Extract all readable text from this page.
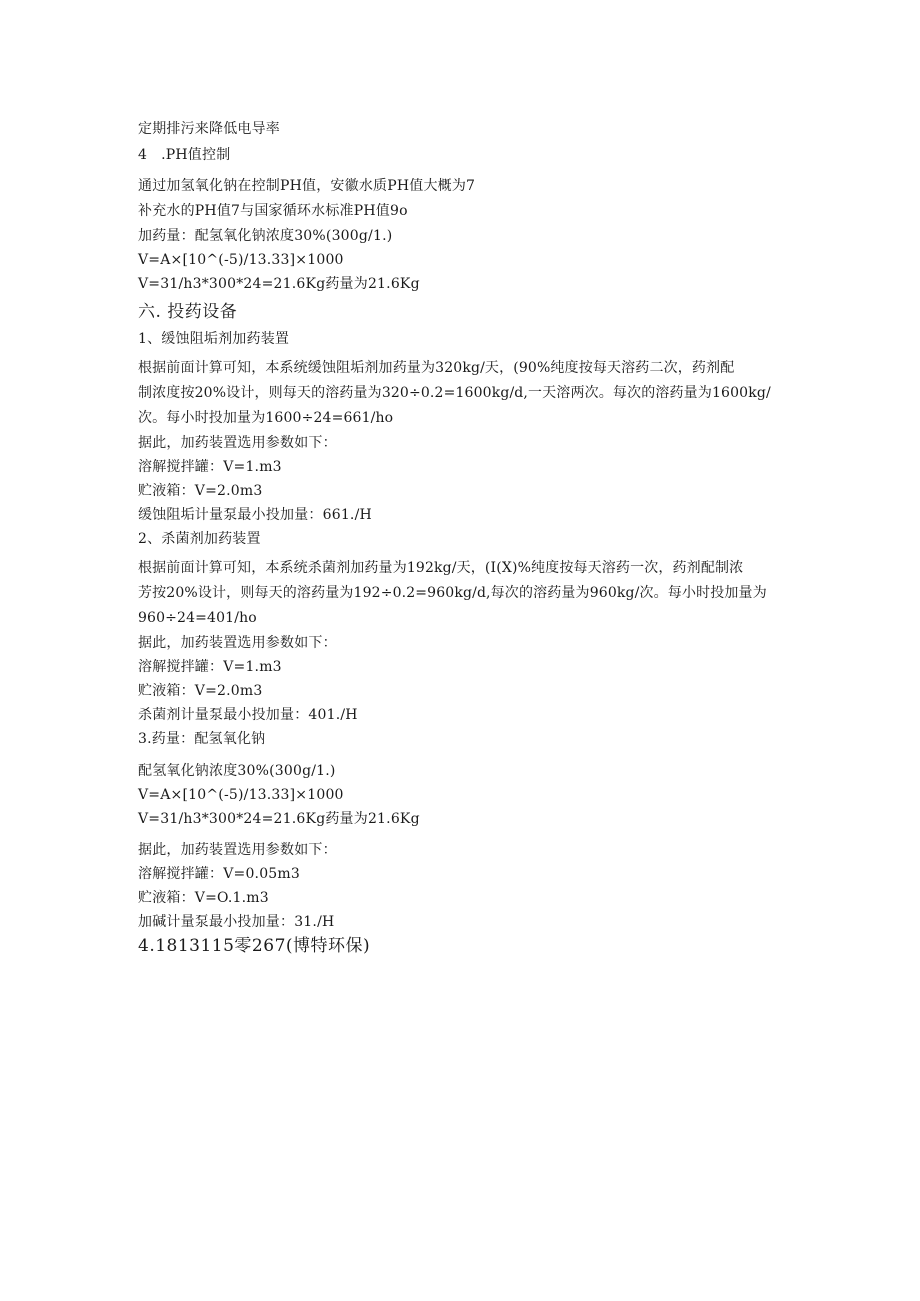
定期排污来降低电导率
4 .PH值控制
通过加氢氧化钠在控制PH值，安徽水质PH值大概为7
补充水的PH值7与国家循环水标准PH值9o
加药量：配氢氧化钠浓度30%(300g/1.)
V=A×[10^(-5)/13.33]×1000
V=31/h3*300*24=21.6Kg药量为21.6Kg
六. 投药设备
1、缓蚀阻垢剂加药装置
根据前面计算可知，本系统缓蚀阻垢剂加药量为320kg/天，(90%纯度按每天溶药二次，药剂配
制浓度按20%设计，则每天的溶药量为320÷0.2=1600kg/d,一天溶两次。每次的溶药量为1600kg/
次。每小时投加量为1600÷24=661/ho
据此，加药装置选用参数如下：
溶解搅拌罐：V=1.m3
贮液箱：V=2.0m3
缓蚀阻垢计量泵最小投加量：661./H
2、杀菌剂加药装置
根据前面计算可知，本系统杀菌剂加药量为192kg/天，(I(X)%纯度按每天溶药一次，药剂配制浓
芳按20%设计，则每天的溶药量为192÷0.2=960kg/d,每次的溶药量为960kg/次。每小时投加量为
960÷24=401/ho
据此，加药装置选用参数如下：
溶解搅拌罐：V=1.m3
贮液箱：V=2.0m3
杀菌剂计量泵最小投加量：401./H
3.药量：配氢氧化钠
配氢氧化钠浓度30%(300g/1.)
V=A×[10^(-5)/13.33]×1000
V=31/h3*300*24=21.6Kg药量为21.6Kg
据此，加药装置选用参数如下：
溶解搅拌罐：V=0.05m3
贮液箱：V=O.1.m3
加碱计量泵最小投加量：31./H
4.1813115零267(博特环保)
